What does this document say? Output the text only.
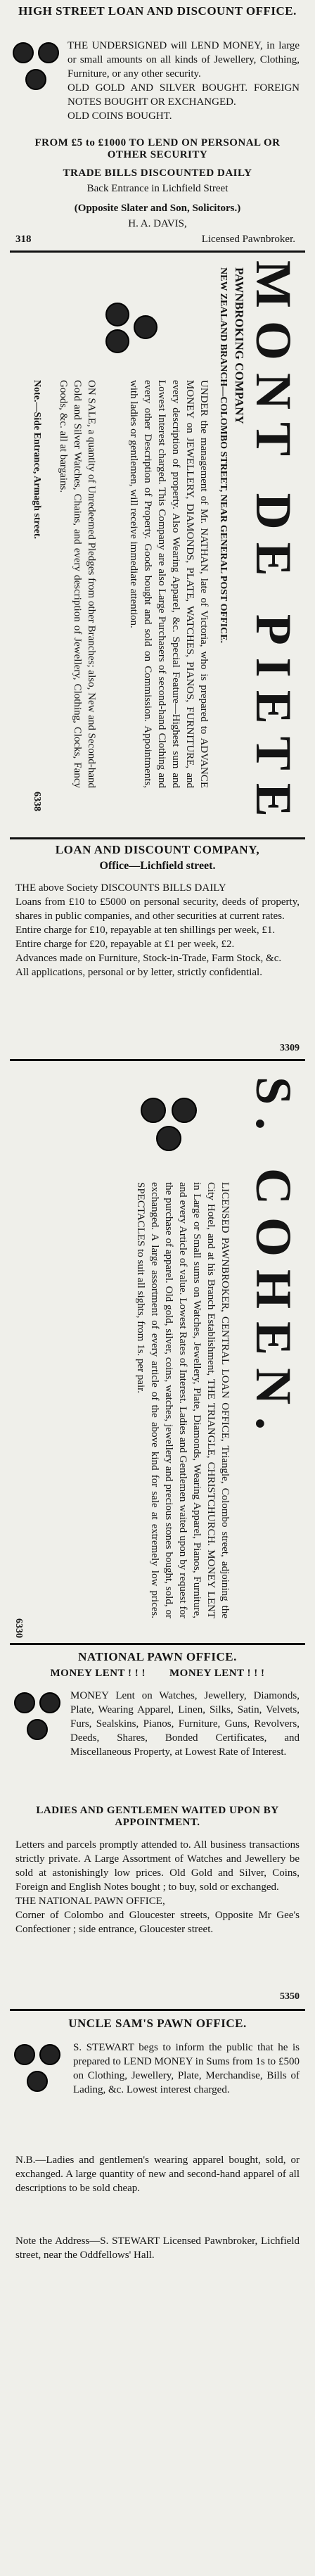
HIGH STREET LOAN AND DISCOUNT OFFICE.
THE UNDERSIGNED will LEND MONEY, in large or small amounts on all kinds of Jewellery, Clothing, Furniture, or any other security.
OLD GOLD AND SILVER BOUGHT. FOREIGN NOTES BOUGHT OR EXCHANGED.
OLD COINS BOUGHT.
FROM £5 to £1000 TO LEND ON PERSONAL OR OTHER SECURITY
TRADE BILLS DISCOUNTED DAILY
Back Entrance in Lichfield Street
(Opposite Slater and Son, Solicitors.)
H. A. DAVIS,
318	Licensed Pawnbroker.
MONT DE PIETE
PAWNBROKING COMPANY
NEW ZEALAND BRANCH—COLOMBO STREET, NEAR GENERAL POST OFFICE.
UNDER the management of Mr. NATHAN, late of Victoria, who is prepared to ADVANCE MONEY on JEWELLERY, DIAMONDS, PLATE, WATCHES, PIANOS, FURNITURE, and every description of property. Also Wearing Apparel, &c. Special Feature—Highest sum and Lowest Interest charged. This Company are also Large Purchasers of second-hand Clothing and every other Description of Property. Goods bought and sold on Commission. Appointments, with ladies or gentlemen, will receive immediate attention.
ON SALE, a quantity of Unredeemed Pledges from other Branches; also, New and Second-hand Gold and Silver Watches, Chains, and every description of Jewellery, Clothing, Clocks, Fancy Goods, &c. all at bargains.
Note.—Side Entrance, Armagh street.
6338
LOAN AND DISCOUNT COMPANY,
Office—Lichfield street.
THE above Society DISCOUNTS BILLS DAILY
Loans from £10 to £5000 on personal security, deeds of property, shares in public companies, and other securities at current rates.
Entire charge for £10, repayable at ten shillings per week, £1.
Entire charge for £20, repayable at £1 per week, £2.
Advances made on Furniture, Stock-in-Trade, Farm Stock, &c.
All applications, personal or by letter, strictly confidential.
3309
S. COHEN.
LICENSED PAWNBROKER, CENTRAL LOAN OFFICE, Triangle, Colombo street, adjoining the City Hotel, and at his Branch Establishment, THE TRIANGLE, CHRISTCHURCH. MONEY LENT in Large or Small sums on Watches, Jewellery, Plate, Diamonds, Wearing Apparel, Pianos, Furniture, and every Article of value. Lowest Rates of Interest. Ladies and Gentlemen waited upon by request for the purchase of apparel. Old gold, silver, coins, watches, jewellery and precious stones bought, sold, or exchanged. A large assortment of every article of the above kind for sale at extremely low prices. SPECTACLES to suit all sights, from 1s. per pair.
6330
NATIONAL PAWN OFFICE.
MONEY LENT ! ! !        MONEY LENT ! ! !
MONEY Lent on Watches, Jewellery, Diamonds, Plate, Wearing Apparel, Linen, Silks, Satin, Velvets, Furs, Sealskins, Pianos, Furniture, Guns, Revolvers, Deeds, Shares, Bonded Certificates, and Miscellaneous Property, at Lowest Rate of Interest.
LADIES AND GENTLEMEN WAITED UPON BY APPOINTMENT.
Letters and parcels promptly attended to. All business transactions strictly private. A Large Assortment of Watches and Jewellery be sold at astonishingly low prices. Old Gold and Silver, Coins, Foreign and English Notes bought ; to buy, sold or exchanged.
THE NATIONAL PAWN OFFICE,
Corner of Colombo and Gloucester streets, Opposite Mr Gee's Confectioner ; side entrance, Gloucester street.
5350
UNCLE SAM'S PAWN OFFICE.
S. STEWART begs to inform the public that he is prepared to LEND MONEY in Sums from 1s to £500 on Clothing, Jewellery, Plate, Merchandise, Bills of Lading, &c. Lowest interest charged.
N.B.—Ladies and gentlemen's wearing apparel bought, sold, or exchanged. A large quantity of new and second-hand apparel of all descriptions to be sold cheap.
Note the Address—S. STEWART Licensed Pawnbroker, Lichfield street, near the Oddfellows' Hall.
